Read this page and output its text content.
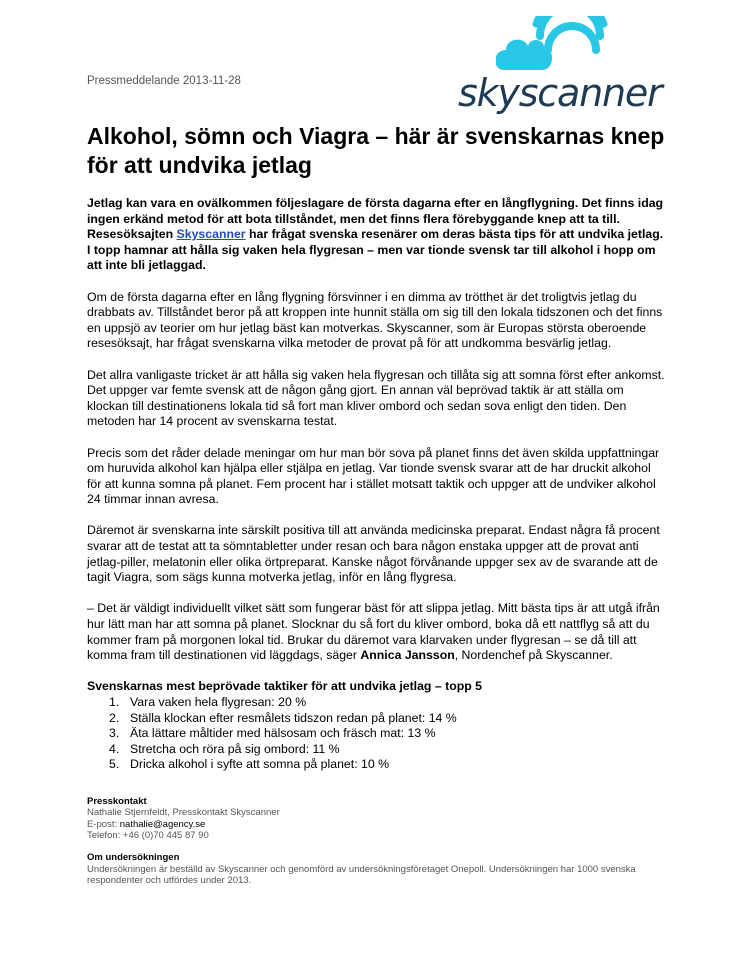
Pressmeddelande 2013-11-28	skyscanner
Alkohol, sömn och Viagra – här är svenskarnas knep för att undvika jetlag

Jetlag kan vara en ovälkommen följeslagare de första dagarna efter en långflygning. Det finns idag ingen erkänd metod för att bota tillståndet, men det finns flera förebyggande knep att ta till. Resesöksajten Skyscanner har frågat svenska resenärer om deras bästa tips för att undvika jetlag. I topp hamnar att hålla sig vaken hela flygresan – men var tionde svensk tar till alkohol i hopp om att inte bli jetlaggad.

Om de första dagarna efter en lång flygning försvinner i en dimma av trötthet är det troligtvis jetlag du drabbats av. Tillståndet beror på att kroppen inte hunnit ställa om sig till den lokala tidszonen och det finns en uppsjö av teorier om hur jetlag bäst kan motverkas. Skyscanner, som är Europas största oberoende resesöksajt, har frågat svenskarna vilka metoder de provat på för att undkomma besvärlig jetlag.

Det allra vanligaste tricket är att hålla sig vaken hela flygresan och tillåta sig att somna först efter ankomst. Det uppger var femte svensk att de någon gång gjort. En annan väl beprövad taktik är att ställa om klockan till destinationens lokala tid så fort man kliver ombord och sedan sova enligt den tiden. Den metoden har 14 procent av svenskarna testat.

Precis som det råder delade meningar om hur man bör sova på planet finns det även skilda uppfattningar om huruvida alkohol kan hjälpa eller stjälpa en jetlag. Var tionde svensk svarar att de har druckit alkohol för att kunna somna på planet. Fem procent har i stället motsatt taktik och uppger att de undviker alkohol 24 timmar innan avresa.

Däremot är svenskarna inte särskilt positiva till att använda medicinska preparat. Endast några få procent svarar att de testat att ta sömntabletter under resan och bara någon enstaka uppger att de provat anti jetlag-piller, melatonin eller olika örtpreparat. Kanske något förvånande uppger sex av de svarande att de tagit Viagra, som sägs kunna motverka jetlag, inför en lång flygresa.

– Det är väldigt individuellt vilket sätt som fungerar bäst för att slippa jetlag. Mitt bästa tips är att utgå ifrån hur lätt man har att somna på planet. Slocknar du så fort du kliver ombord, boka då ett nattflyg så att du kommer fram på morgonen lokal tid. Brukar du däremot vara klarvaken under flygresan – se då till att komma fram till destinationen vid läggdags, säger Annica Jansson, Nordenchef på Skyscanner.

Svenskarnas mest beprövade taktiker för att undvika jetlag – topp 5
1. Vara vaken hela flygresan: 20 %
2. Ställa klockan efter resmålets tidszon redan på planet: 14 %
3. Äta lättare måltider med hälsosam och fräsch mat: 13 %
4. Stretcha och röra på sig ombord: 11 %
5. Dricka alkohol i syfte att somna på planet: 10 %
Presskontakt
Nathalie Stjernfeldt, Presskontakt Skyscanner
E-post: nathalie@agency.se
Telefon: +46 (0)70 445 87 90
Om undersökningen
Undersökningen är beställd av Skyscanner och genomförd av undersökningsföretaget Onepoll. Undersökningen har 1000 svenska respondenter och utfördes under 2013.
